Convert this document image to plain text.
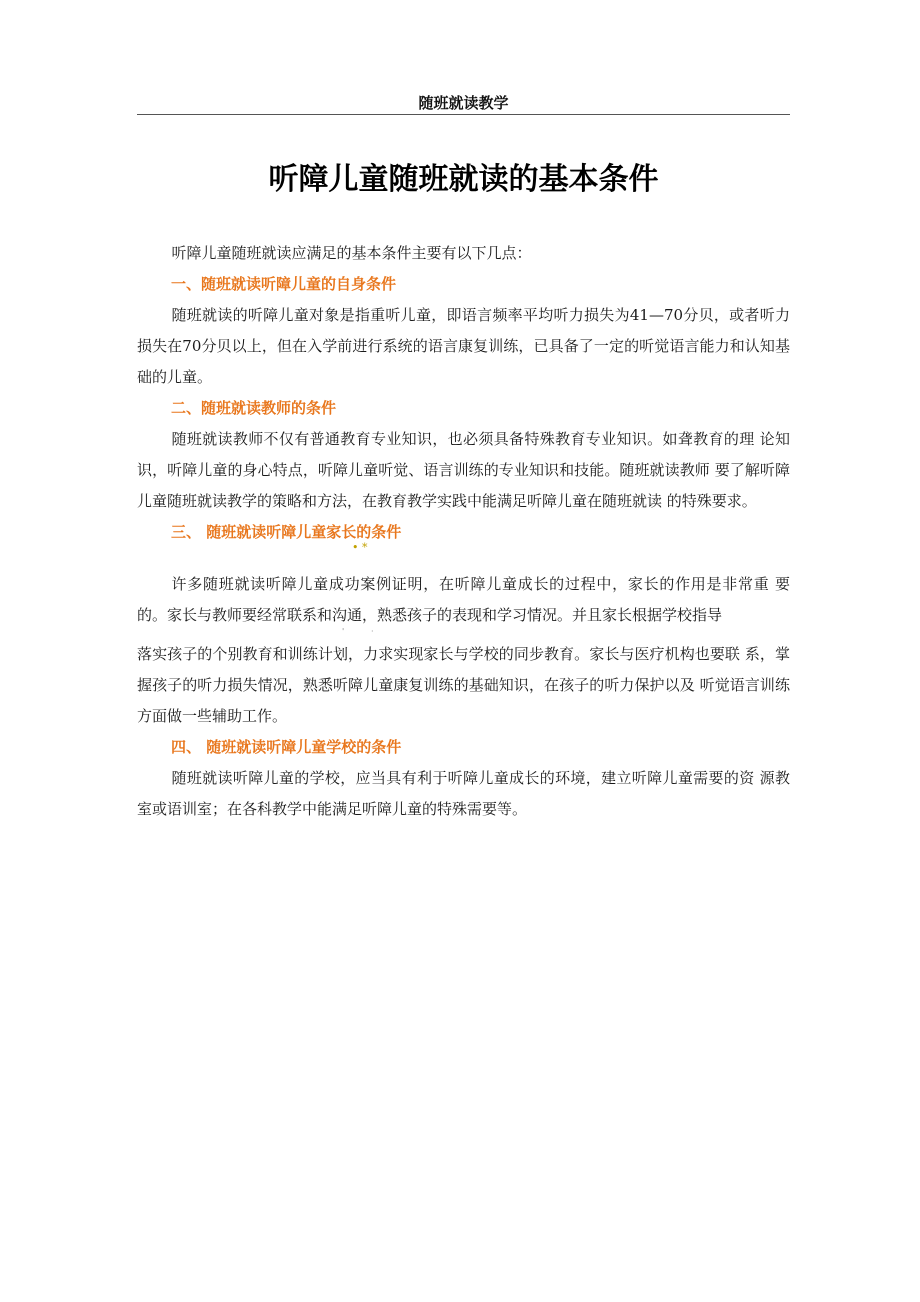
随班就读教学
听障儿童随班就读的基本条件

听障儿童随班就读应满足的基本条件主要有以下几点：

一、随班就读听障儿童的自身条件

随班就读的听障儿童对象是指重听儿童，即语言频率平均听力损失为41—70分贝，或者听力损失在70分贝以上，但在入学前进行系统的语言康复训练，已具备了一定的听觉语言能力和认知基础的儿童。

二、随班就读教师的条件

随班就读教师不仅有普通教育专业知识，也必须具备特殊教育专业知识。如聋教育的理 论知识，听障儿童的身心特点，听障儿童听觉、语言训练的专业知识和技能。随班就读教师 要了解听障儿童随班就读教学的策略和方法，在教育教学实践中能满足听障儿童在随班就读 的特殊要求。

三、 随班就读听障儿童家长的条件

• *

许多随班就读听障儿童成功案例证明，在听障儿童成长的过程中，家长的作用是非常重 要的。家长与教师要经常联系和沟通，熟悉孩子的表现和学习情况。并且家长根据学校指导

'	·

落实孩子的个别教育和训练计划，力求实现家长与学校的同步教育。家长与医疗机构也要联 系，掌握孩子的听力损失情况，熟悉听障儿童康复训练的基础知识，在孩子的听力保护以及 听觉语言训练方面做一些辅助工作。

四、 随班就读听障儿童学校的条件

随班就读听障儿童的学校，应当具有利于听障儿童成长的环境，建立听障儿童需要的资 源教室或语训室；在各科教学中能满足听障儿童的特殊需要等。
